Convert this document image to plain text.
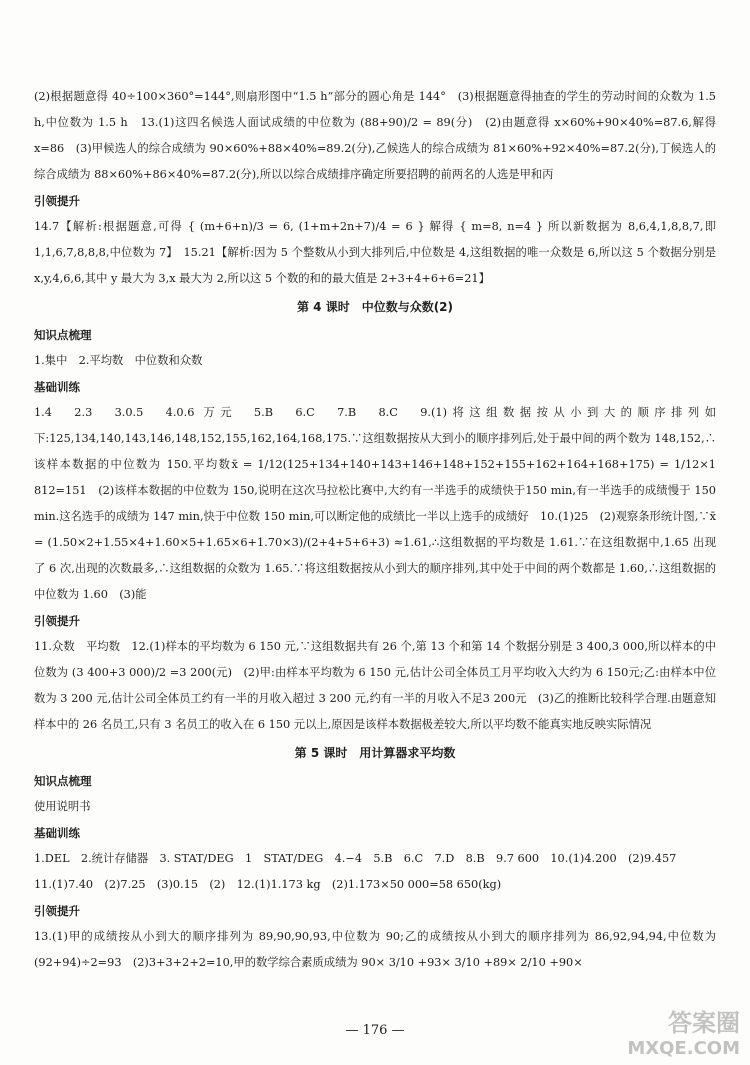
(2)根据题意得 40÷100×360°=144°,则扇形图中“1.5 h”部分的圆心角是 144°　(3)根据题意得抽查的学生的劳动时间的众数为 1.5 h,中位数为 1.5 h　13.(1)这四名候选人面试成绩的中位数为 (88+90)/2 = 89(分)　(2)由题意得 x×60%+90×40%=87.6,解得 x=86　(3)甲候选人的综合成绩为 90×60%+88×40%=89.2(分),乙候选人的综合成绩为 81×60%+92×40%=87.2(分),丁候选人的综合成绩为 88×60%+86×40%=87.2(分),所以以综合成绩排序确定所要招聘的前两名的人选是甲和丙

引领提升

14.7【解析:根据题意,可得 { (m+6+n)/3 = 6, (1+m+2n+7)/4 = 6 } 解得 { m=8, n=4 } 所以新数据为 8,6,4,1,8,8,7,即 1,1,6,7,8,8,8,中位数为 7】　15.21【解析:因为 5 个整数从小到大排列后,中位数是 4,这组数据的唯一众数是 6,所以这 5 个数据分别是 x,y,4,6,6,其中 y 最大为 3,x 最大为 2,所以这 5 个数的和的最大值是 2+3+4+6+6=21】

第 4 课时　中位数与众数(2)

知识点梳理

1.集中　2.平均数　中位数和众数

基础训练

1.4　2.3　3.0.5　4.0.6 万元　5.B　6.C　7.B　8.C　9.(1)将这组数据按从小到大的顺序排列如下:125,134,140,143,146,148,152,155,162,164,168,175.∵这组数据按从大到小的顺序排列后,处于最中间的两个数为 148,152,∴该样本数据的中位数为 150.平均数x̄ = 1/12(125+134+140+143+146+148+152+155+162+164+168+175) = 1/12×1 812=151　(2)该样本数据的中位数为 150,说明在这次马拉松比赛中,大约有一半选手的成绩快于150 min,有一半选手的成绩慢于 150 min.这名选手的成绩为 147 min,快于中位数 150 min,可以断定他的成绩比一半以上选手的成绩好　10.(1)25　(2)观察条形统计图,∵x̄ = (1.50×2+1.55×4+1.60×5+1.65×6+1.70×3)/(2+4+5+6+3) ≈1.61,∴这组数据的平均数是 1.61.∵在这组数据中,1.65 出现了 6 次,出现的次数最多,∴这组数据的众数为 1.65.∵将这组数据按从小到大的顺序排列,其中处于中间的两个数都是 1.60,∴这组数据的中位数为 1.60　(3)能

引领提升

11.众数　平均数　12.(1)样本的平均数为 6 150 元,∵这组数据共有 26 个,第 13 个和第 14 个数据分别是 3 400,3 000,所以样本的中位数为 (3 400+3 000)/2 =3 200(元)　(2)甲:由样本平均数为 6 150 元,估计公司全体员工月平均收入大约为 6 150元;乙:由样本中位数为 3 200 元,估计公司全体员工约有一半的月收入超过 3 200 元,约有一半的月收入不足3 200元　(3)乙的推断比较科学合理.由题意知样本中的 26 名员工,只有 3 名员工的收入在 6 150 元以上,原因是该样本数据极差较大,所以平均数不能真实地反映实际情况

第 5 课时　用计算器求平均数

知识点梳理

使用说明书

基础训练

1.DEL　2.统计存储器　3. STAT/DEG　1　STAT/DEG　4.−4　5.B　6.C　7.D　8.B　9.7 600　10.(1)4.200　(2)9.457

11.(1)7.40　(2)7.25　(3)0.15　(2)　12.(1)1.173 kg　(2)1.173×50 000=58 650(kg)

引领提升

13.(1)甲的成绩按从小到大的顺序排列为 89,90,90,93,中位数为 90;乙的成绩按从小到大的顺序排列为 86,92,94,94,中位数为(92+94)÷2=93　(2)3+3+2+2=10,甲的数学综合素质成绩为 90× 3/10 +93× 3/10 +89× 2/10 +90×

— 176 —	答案圈
MXQE.COM
